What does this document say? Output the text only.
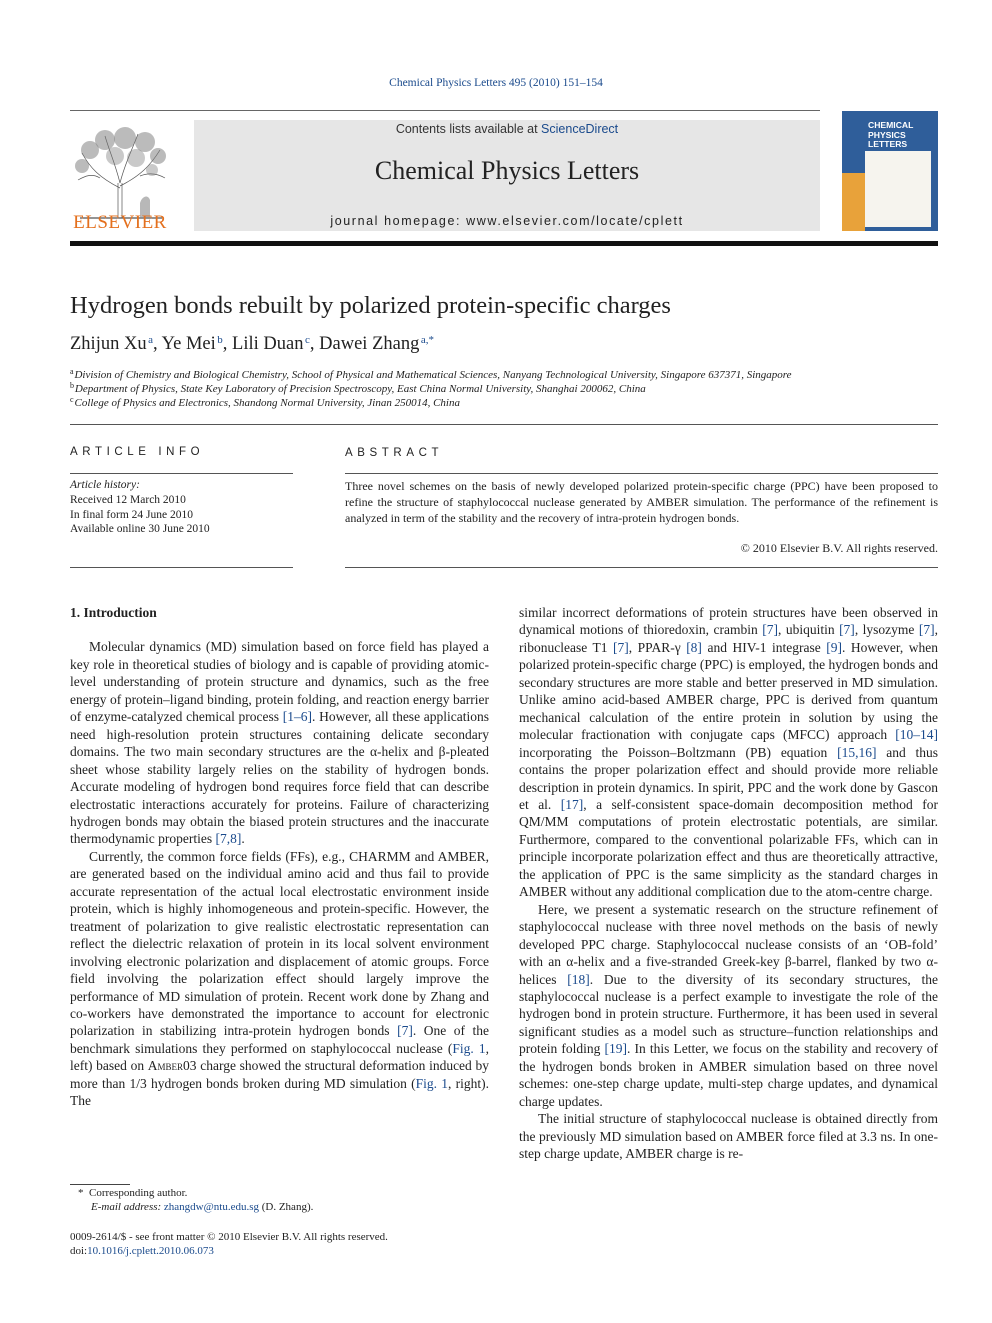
Chemical Physics Letters 495 (2010) 151–154
ELSEVIER
Contents lists available at ScienceDirect
Chemical Physics Letters
journal homepage: www.elsevier.com/locate/cplett
CHEMICAL
PHYSICS
LETTERS
Hydrogen bonds rebuilt by polarized protein-specific charges
Zhijun Xu  $^a$, Ye Mei  $^b$, Lili Duan  $^c$, Dawei Zhang  $^{a,*}$
$^a$ Division of Chemistry and Biological Chemistry, School of Physical and Mathematical Sciences, Nanyang Technological University, Singapore 637371, Singapore
$^b$ Department of Physics, State Key Laboratory of Precision Spectroscopy, East China Normal University, Shanghai 200062, China
$^c$ College of Physics and Electronics, Shandong Normal University, Jinan 250014, China
ARTICLE INFO
Article history:
Received 12 March 2010
In final form 24 June 2010
Available online 30 June 2010
ABSTRACT
Three novel schemes on the basis of newly developed polarized protein-specific charge (PPC) have been proposed to refine the structure of staphylococcal nuclease generated by AMBER simulation. The performance of the refinement is analyzed in term of the stability and the recovery of intra-protein hydrogen bonds.
© 2010 Elsevier B.V. All rights reserved.
1. Introduction

Molecular dynamics (MD) simulation based on force field has played a key role in theoretical studies of biology and is capable of providing atomic-level understanding of protein structure and dynamics, such as the free energy of protein–ligand binding, protein folding, and reaction energy barrier of enzyme-catalyzed chemical process [1–6]. However, all these applications need high-resolution protein structures containing delicate secondary domains. The two main secondary structures are the α-helix and β-pleated sheet whose stability largely relies on the stability of hydrogen bonds. Accurate modeling of hydrogen bond requires force field that can describe electrostatic interactions accurately for proteins. Failure of characterizing hydrogen bonds may obtain the biased protein structures and the inaccurate thermodynamic properties [7,8].

Currently, the common force fields (FFs), e.g., CHARMM and AMBER, are generated based on the individual amino acid and thus fail to provide accurate representation of the actual local electrostatic environment inside protein, which is highly inhomogeneous and protein-specific. However, the treatment of polarization to give realistic electrostatic representation can reflect the dielectric relaxation of protein in its local solvent environment involving electronic polarization and displacement of atomic groups. Force field involving the polarization effect should largely improve the performance of MD simulation of protein. Recent work done by Zhang and co-workers have demonstrated the importance to account for electronic polarization in stabilizing intra-protein hydrogen bonds [7]. One of the benchmark simulations they performed on staphylococcal nuclease (Fig. 1, left) based on Amber03 charge showed the structural deformation induced by more than 1/3 hydrogen bonds broken during MD simulation (Fig. 1, right). The

similar incorrect deformations of protein structures have been observed in dynamical motions of thioredoxin, crambin [7], ubiquitin [7], lysozyme [7], ribonuclease T1 [7], PPAR-γ [8] and HIV-1 integrase [9]. However, when polarized protein-specific charge (PPC) is employed, the hydrogen bonds and secondary structures are more stable and better preserved in MD simulation. Unlike amino acid-based AMBER charge, PPC is derived from quantum mechanical calculation of the entire protein in solution by using the molecular fractionation with conjugate caps (MFCC) approach [10–14] incorporating the Poisson–Boltzmann (PB) equation [15,16] and thus contains the proper polarization effect and should provide more reliable description in protein dynamics. In spirit, PPC and the work done by Gascon et al. [17], a self-consistent space-domain decomposition method for QM/MM computations of protein electrostatic potentials, are similar. Furthermore, compared to the conventional polarizable FFs, which can in principle incorporate polarization effect and thus are theoretically attractive, the application of PPC is the same simplicity as the standard charges in AMBER without any additional complication due to the atom-centre charge.

Here, we present a systematic research on the structure refinement of staphylococcal nuclease with three novel methods on the basis of newly developed PPC charge. Staphylococcal nuclease consists of an ‘OB-fold’ with an α-helix and a five-stranded Greek-key β-barrel, flanked by two α-helices [18]. Due to the diversity of its secondary structures, the staphylococcal nuclease is a perfect example to investigate the role of the hydrogen bond in protein structure. Furthermore, it has been used in several significant studies as a model such as structure–function relationships and protein folding [19]. In this Letter, we focus on the stability and recovery of the hydrogen bonds broken in AMBER simulation based on three novel schemes: one-step charge update, multi-step charge updates, and dynamical charge updates.

The initial structure of staphylococcal nuclease is obtained directly from the previously MD simulation based on AMBER force filed at 3.3 ns. In one-step charge update, AMBER charge is re-

* Corresponding author.
E-mail address: zhangdw@ntu.edu.sg (D. Zhang).
0009-2614/$ - see front matter © 2010 Elsevier B.V. All rights reserved.
doi:10.1016/j.cplett.2010.06.073
